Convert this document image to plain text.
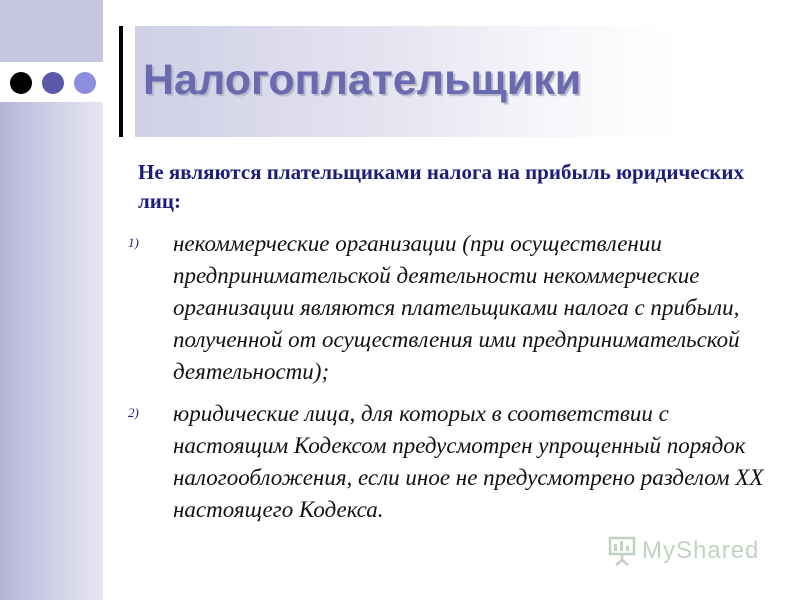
Налогоплательщики

Не являются плательщиками налога на прибыль юридических лиц:

1) некоммерческие организации (при осуществлении предпринимательской деятельности некоммерческие организации являются плательщиками налога с прибыли, полученной от осуществления ими предпринимательской деятельности);
2) юридические лица, для которых в соответствии с настоящим Кодексом предусмотрен упрощенный порядок налогообложения, если иное не предусмотрено разделом XX настоящего Кодекса.
MyShared
